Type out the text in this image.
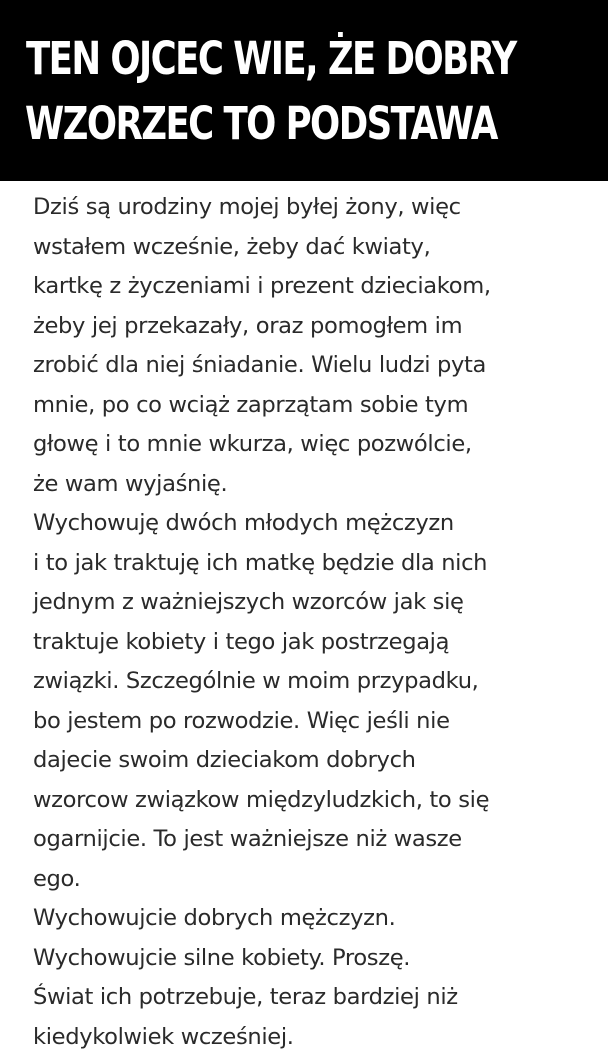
TEN OJCEC WIE, ŻE DOBRY
WZORZEC TO PODSTAWA
Dziś są urodziny mojej byłej żony, więc
wstałem wcześnie, żeby dać kwiaty,
kartkę z życzeniami i prezent dzieciakom,
żeby jej przekazały, oraz pomogłem im
zrobić dla niej śniadanie. Wielu ludzi pyta
mnie, po co wciąż zaprzątam sobie tym
głowę i to mnie wkurza, więc pozwólcie,
że wam wyjaśnię.
Wychowuję dwóch młodych mężczyzn
i to jak traktuję ich matkę będzie dla nich
jednym z ważniejszych wzorców jak się
traktuje kobiety i tego jak postrzegają
związki. Szczególnie w moim przypadku,
bo jestem po rozwodzie. Więc jeśli nie
dajecie swoim dzieciakom dobrych
wzorcow związkow międzyludzkich, to się
ogarnijcie. To jest ważniejsze niż wasze
ego.
Wychowujcie dobrych mężczyzn.
Wychowujcie silne kobiety. Proszę.
Świat ich potrzebuje, teraz bardziej niż
kiedykolwiek wcześniej.
